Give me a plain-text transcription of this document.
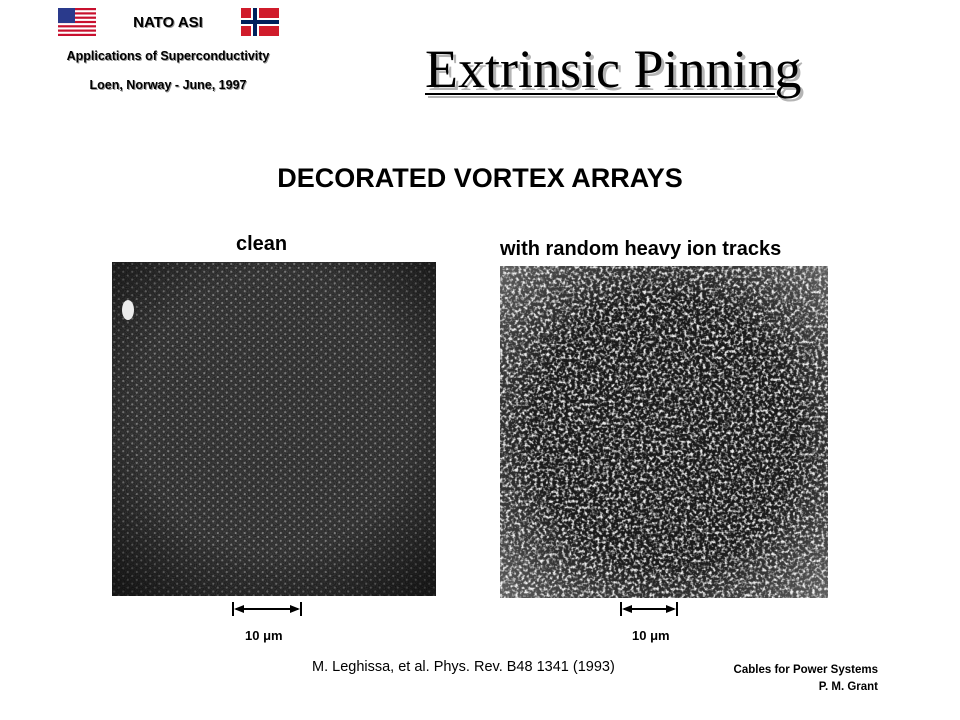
NATO ASI
Applications of Superconductivity
Loen, Norway - June, 1997	Extrinsic Pinning
DECORATED VORTEX ARRAYS
clean	with random heavy ion tracks
10 μm	10 μm
M. Leghissa, et al. Phys. Rev. B48 1341 (1993)	Cables for Power Systems
P. M. Grant
